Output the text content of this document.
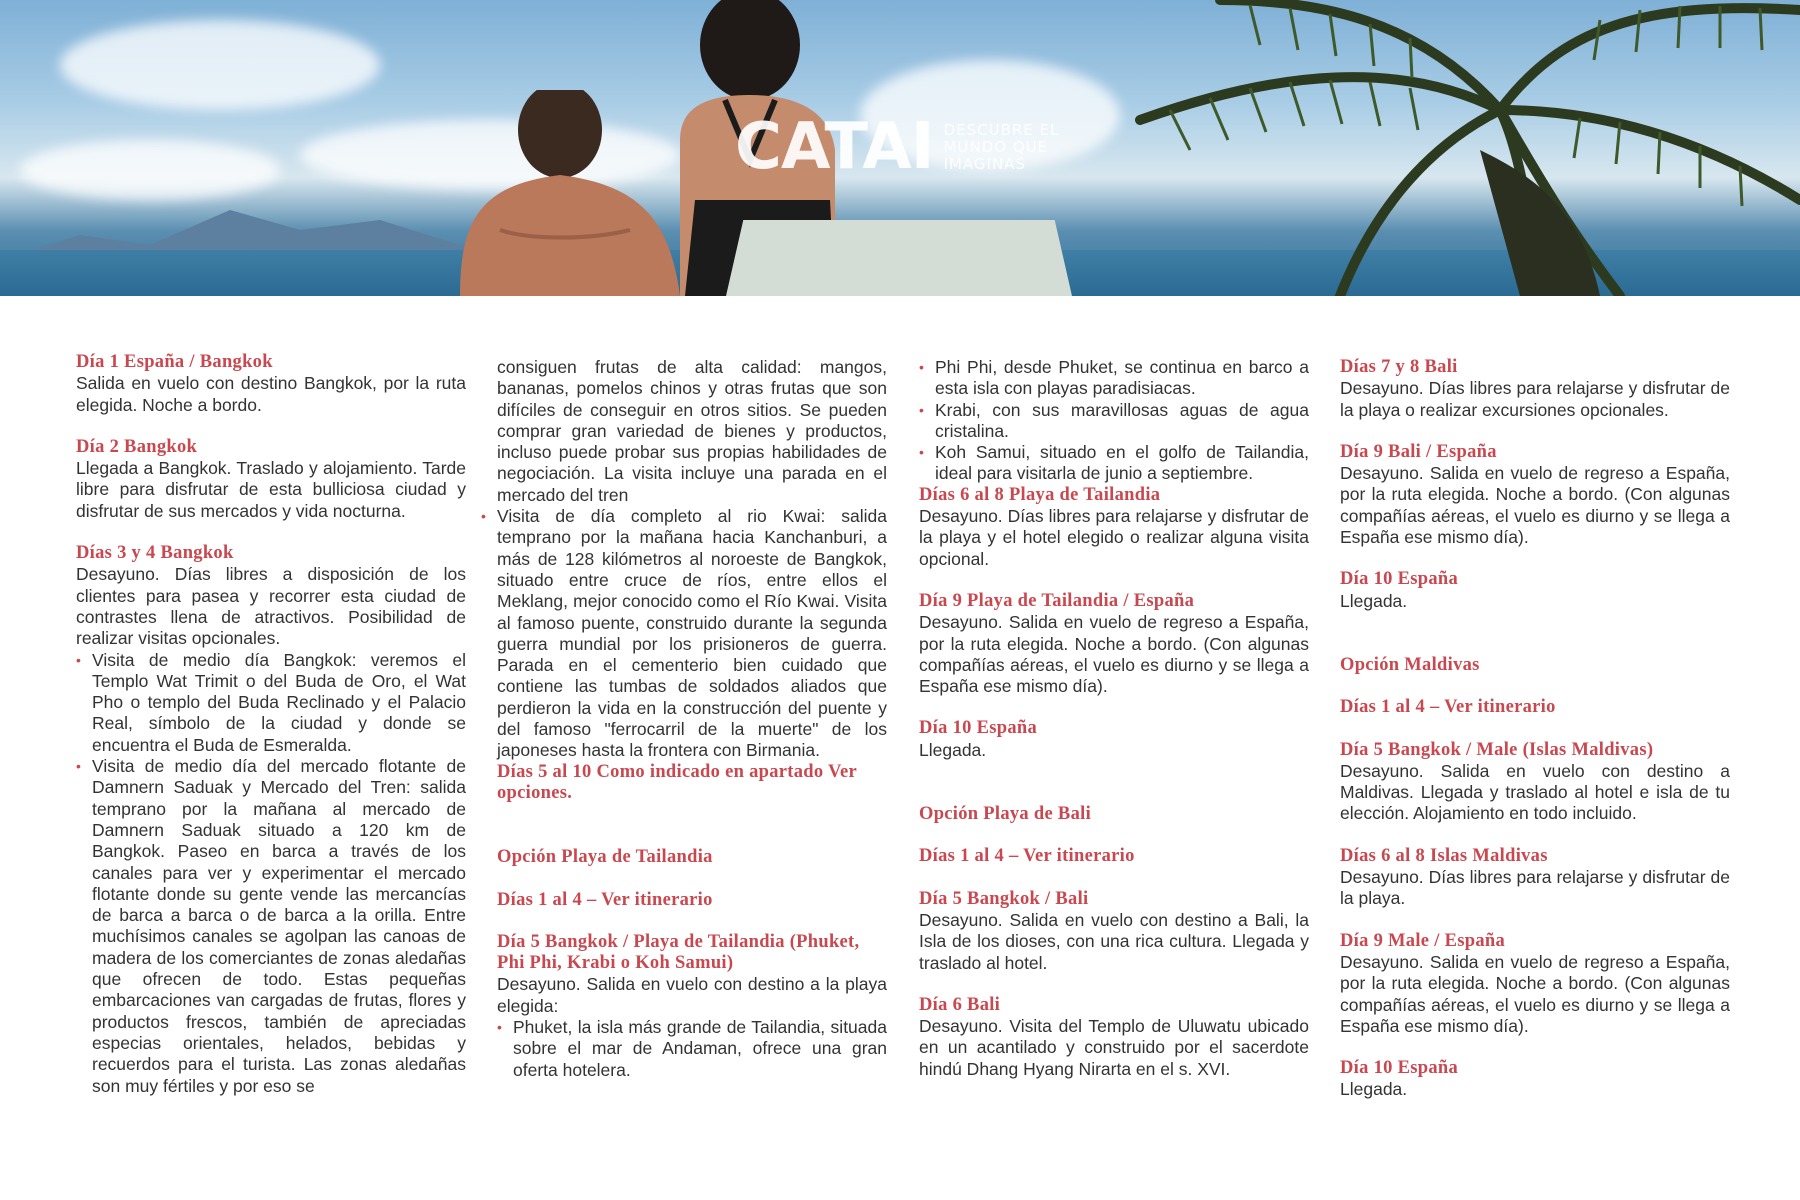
CATAI DESCUBRE EL
MUNDO QUE
IMAGINAS
Día 1 España / Bangkok
Salida en vuelo con destino Bangkok, por la ruta elegida. Noche a bordo.
Día 2 Bangkok
Llegada a Bangkok. Traslado y alojamiento. Tarde libre para disfrutar de esta bulliciosa ciudad y disfrutar de sus mercados y vida nocturna.
Días 3 y 4 Bangkok
Desayuno. Días libres a disposición de los clientes para pasea y recorrer esta ciudad de contrastes llena de atractivos. Posibilidad de realizar visitas opcionales.
• Visita de medio día Bangkok: veremos el Templo Wat Trimit o del Buda de Oro, el Wat Pho o templo del Buda Reclinado y el Palacio Real, símbolo de la ciudad y donde se encuentra el Buda de Esmeralda.
• Visita de medio día del mercado flotante de Damnern Saduak y Mercado del Tren: salida temprano por la mañana al mercado de Damnern Saduak situado a 120 km de Bangkok. Paseo en barca a través de los canales para ver y experimentar el mercado flotante donde su gente vende las mercancías de barca a barca o de barca a la orilla. Entre muchísimos canales se agolpan las canoas de madera de los comerciantes de zonas aledañas que ofrecen de todo. Estas pequeñas embarcaciones van cargadas de frutas, flores y productos frescos, también de apreciadas especias orientales, helados, bebidas y recuerdos para el turista. Las zonas aledañas son muy fértiles y por eso se
consiguen frutas de alta calidad: mangos, bananas, pomelos chinos y otras frutas que son difíciles de conseguir en otros sitios. Se pueden comprar gran variedad de bienes y productos, incluso puede probar sus propias habilidades de negociación. La visita incluye una parada en el mercado del tren
• Visita de día completo al rio Kwai: salida temprano por la mañana hacia Kanchanburi, a más de 128 kilómetros al noroeste de Bangkok, situado entre cruce de ríos, entre ellos el Meklang, mejor conocido como el Río Kwai. Visita al famoso puente, construido durante la segunda guerra mundial por los prisioneros de guerra. Parada en el cementerio bien cuidado que contiene las tumbas de soldados aliados que perdieron la vida en la construcción del puente y del famoso "ferrocarril de la muerte" de los japoneses hasta la frontera con Birmania.
Días 5 al 10 Como indicado en apartado Ver opciones.
Opción Playa de Tailandia
Días 1 al 4 – Ver itinerario
Día 5 Bangkok / Playa de Tailandia (Phuket, Phi Phi, Krabi o Koh Samui)
Desayuno. Salida en vuelo con destino a la playa elegida:
• Phuket, la isla más grande de Tailandia, situada sobre el mar de Andaman, ofrece una gran oferta hotelera.
• Phi Phi, desde Phuket, se continua en barco a esta isla con playas paradisiacas.
• Krabi, con sus maravillosas aguas de agua cristalina.
• Koh Samui, situado en el golfo de Tailandia, ideal para visitarla de junio a septiembre.
Días 6 al 8 Playa de Tailandia
Desayuno. Días libres para relajarse y disfrutar de la playa y el hotel elegido o realizar alguna visita opcional.
Día 9 Playa de Tailandia / España
Desayuno. Salida en vuelo de regreso a España, por la ruta elegida. Noche a bordo. (Con algunas compañías aéreas, el vuelo es diurno y se llega a España ese mismo día).
Día 10 España
Llegada.
Opción Playa de Bali
Días 1 al 4 – Ver itinerario
Día 5 Bangkok / Bali
Desayuno. Salida en vuelo con destino a Bali, la Isla de los dioses, con una rica cultura. Llegada y traslado al hotel.
Día 6 Bali
Desayuno. Visita del Templo de Uluwatu ubicado en un acantilado y construido por el sacerdote hindú Dhang Hyang Nirarta en el s. XVI.
Días 7 y 8 Bali
Desayuno. Días libres para relajarse y disfrutar de la playa o realizar excursiones opcionales.
Día 9 Bali / España
Desayuno. Salida en vuelo de regreso a España, por la ruta elegida. Noche a bordo. (Con algunas compañías aéreas, el vuelo es diurno y se llega a España ese mismo día).
Día 10 España
Llegada.
Opción Maldivas
Días 1 al 4 – Ver itinerario
Día 5 Bangkok / Male (Islas Maldivas)
Desayuno. Salida en vuelo con destino a Maldivas. Llegada y traslado al hotel e isla de tu elección. Alojamiento en todo incluido.
Días 6 al 8 Islas Maldivas
Desayuno. Días libres para relajarse y disfrutar de la playa.
Día 9 Male / España
Desayuno. Salida en vuelo de regreso a España, por la ruta elegida. Noche a bordo. (Con algunas compañías aéreas, el vuelo es diurno y se llega a España ese mismo día).
Día 10 España
Llegada.
